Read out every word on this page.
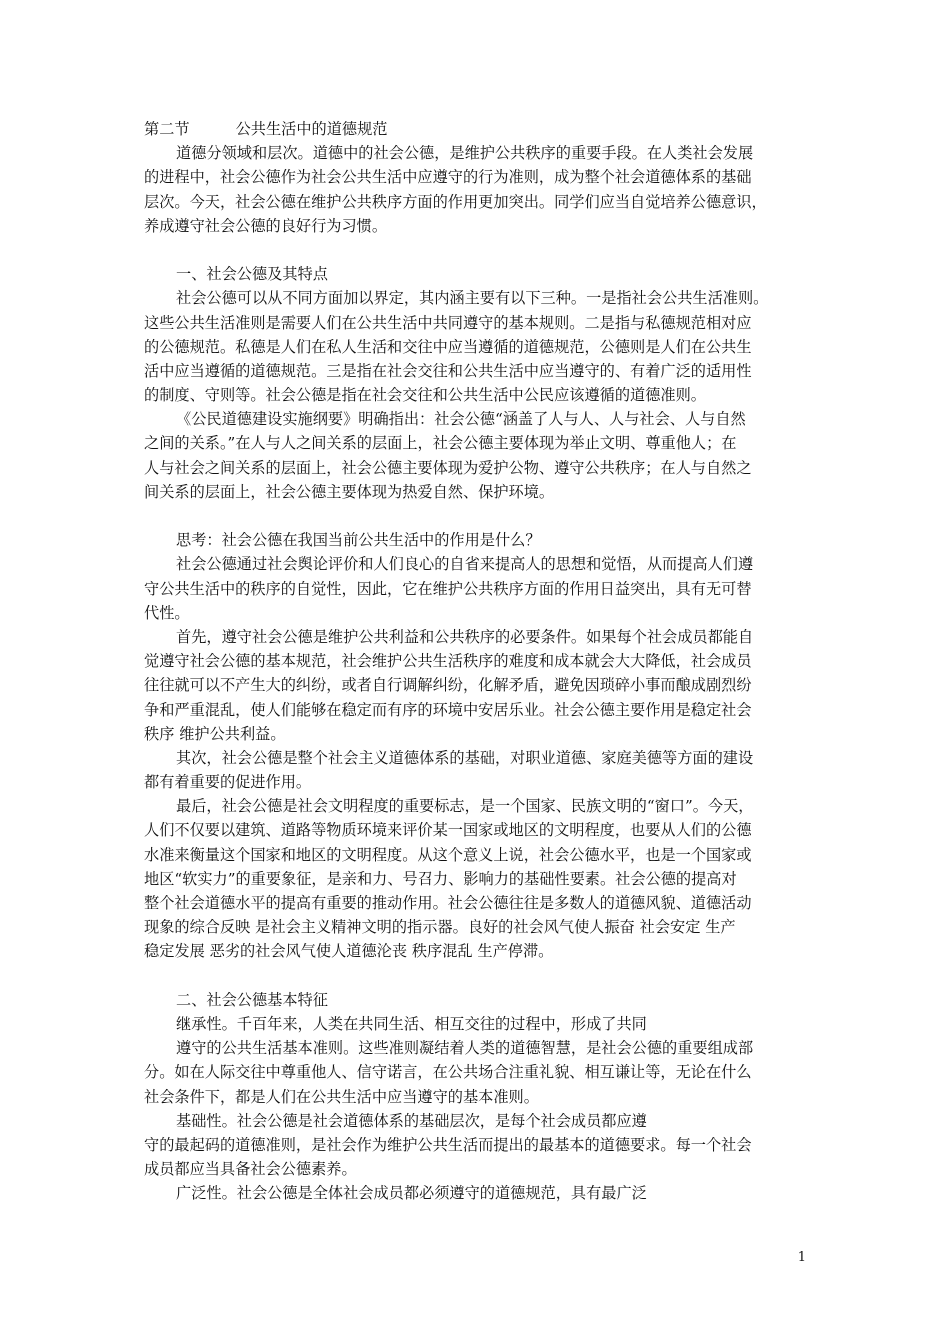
第二节	公共生活中的道德规范
道德分领域和层次。道德中的社会公德，是维护公共秩序的重要手段。在人类社会发展
的进程中，社会公德作为社会公共生活中应遵守的行为准则，成为整个社会道德体系的基础
层次。今天，社会公德在维护公共秩序方面的作用更加突出。同学们应当自觉培养公德意识，
养成遵守社会公德的良好行为习惯。
一、社会公德及其特点
社会公德可以从不同方面加以界定，其内涵主要有以下三种。一是指社会公共生活准则。
这些公共生活准则是需要人们在公共生活中共同遵守的基本规则。二是指与私德规范相对应
的公德规范。私德是人们在私人生活和交往中应当遵循的道德规范，公德则是人们在公共生
活中应当遵循的道德规范。三是指在社会交往和公共生活中应当遵守的、有着广泛的适用性
的制度、守则等。社会公德是指在社会交往和公共生活中公民应该遵循的道德准则。
《公民道德建设实施纲要》明确指出：社会公德“涵盖了人与人、人与社会、人与自然
之间的关系。”在人与人之间关系的层面上，社会公德主要体现为举止文明、尊重他人；在
人与社会之间关系的层面上，社会公德主要体现为爱护公物、遵守公共秩序；在人与自然之
间关系的层面上，社会公德主要体现为热爱自然、保护环境。
思考：社会公德在我国当前公共生活中的作用是什么？
社会公德通过社会舆论评价和人们良心的自省来提高人的思想和觉悟，从而提高人们遵
守公共生活中的秩序的自觉性，因此，它在维护公共秩序方面的作用日益突出，具有无可替
代性。
首先，遵守社会公德是维护公共利益和公共秩序的必要条件。如果每个社会成员都能自
觉遵守社会公德的基本规范，社会维护公共生活秩序的难度和成本就会大大降低，社会成员
往往就可以不产生大的纠纷，或者自行调解纠纷，化解矛盾，避免因琐碎小事而酿成剧烈纷
争和严重混乱，使人们能够在稳定而有序的环境中安居乐业。社会公德主要作用是稳定社会
秩序 维护公共利益。
其次，社会公德是整个社会主义道德体系的基础，对职业道德、家庭美德等方面的建设
都有着重要的促进作用。
最后，社会公德是社会文明程度的重要标志，是一个国家、民族文明的“窗口”。今天，
人们不仅要以建筑、道路等物质环境来评价某一国家或地区的文明程度，也要从人们的公德
水准来衡量这个国家和地区的文明程度。从这个意义上说，社会公德水平，也是一个国家或
地区“软实力”的重要象征，是亲和力、号召力、影响力的基础性要素。社会公德的提高对
整个社会道德水平的提高有重要的推动作用。社会公德往往是多数人的道德风貌、道德活动
现象的综合反映 是社会主义精神文明的指示器。良好的社会风气使人振奋 社会安定 生产
稳定发展 恶劣的社会风气使人道德沦丧 秩序混乱 生产停滞。
二、社会公德基本特征
继承性。千百年来，人类在共同生活、相互交往的过程中，形成了共同
遵守的公共生活基本准则。这些准则凝结着人类的道德智慧，是社会公德的重要组成部
分。如在人际交往中尊重他人、信守诺言，在公共场合注重礼貌、相互谦让等，无论在什么
社会条件下，都是人们在公共生活中应当遵守的基本准则。
基础性。社会公德是社会道德体系的基础层次，是每个社会成员都应遵
守的最起码的道德准则，是社会作为维护公共生活而提出的最基本的道德要求。每一个社会
成员都应当具备社会公德素养。
广泛性。社会公德是全体社会成员都必须遵守的道德规范，具有最广泛
1
